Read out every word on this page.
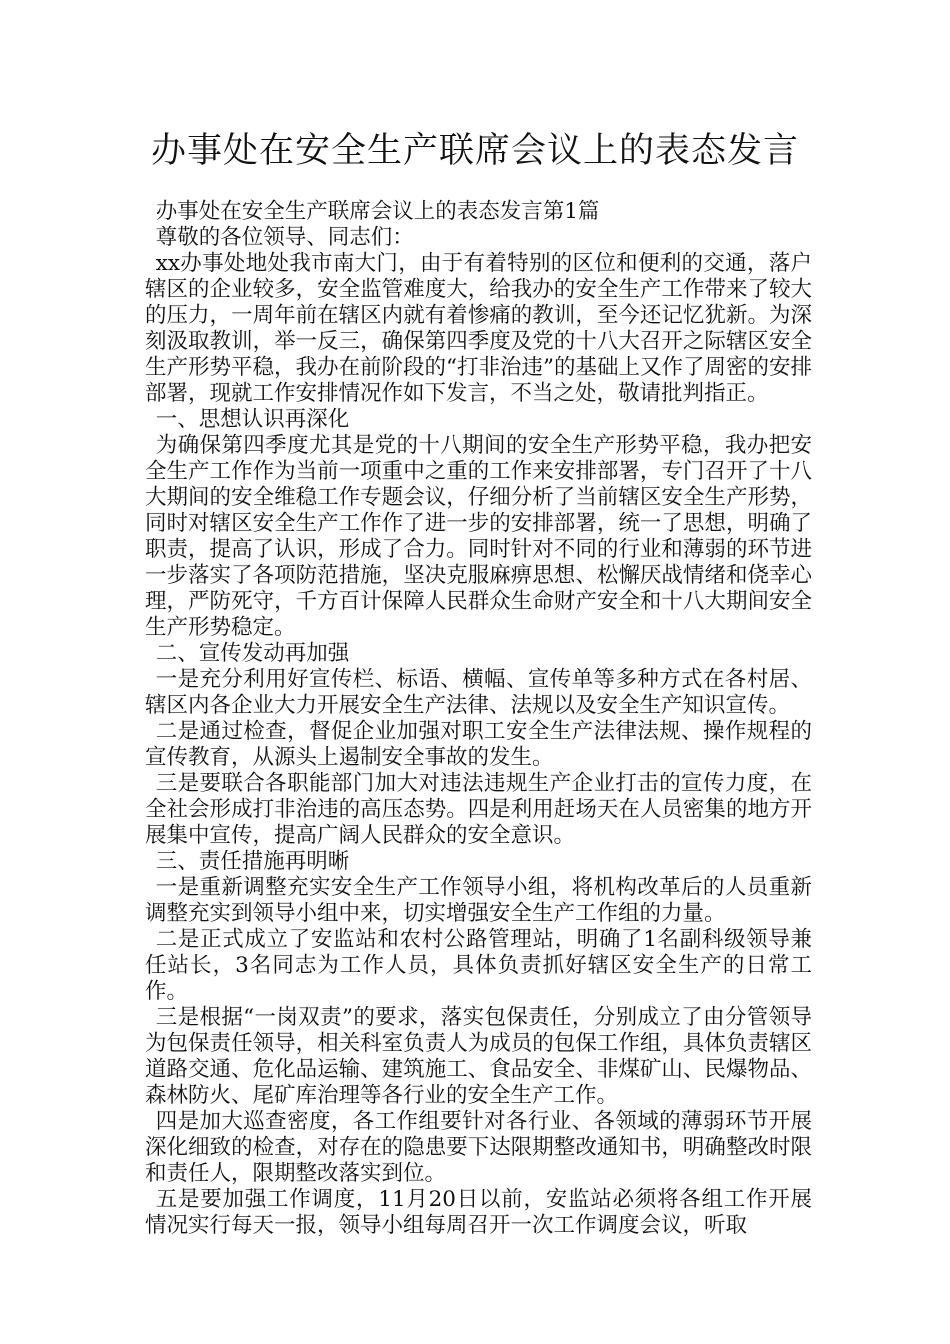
办事处在安全生产联席会议上的表态发言

办事处在安全生产联席会议上的表态发言第1篇

尊敬的各位领导、同志们：

xx办事处地处我市南大门，由于有着特别的区位和便利的交通，落户辖区的企业较多，安全监管难度大，给我办的安全生产工作带来了较大的压力，一周年前在辖区内就有着惨痛的教训，至今还记忆犹新。为深刻汲取教训，举一反三，确保第四季度及党的十八大召开之际辖区安全生产形势平稳，我办在前阶段的“打非治违”的基础上又作了周密的安排部署，现就工作安排情况作如下发言，不当之处，敬请批判指正。

一、思想认识再深化

为确保第四季度尤其是党的十八期间的安全生产形势平稳，我办把安全生产工作作为当前一项重中之重的工作来安排部署，专门召开了十八大期间的安全维稳工作专题会议，仔细分析了当前辖区安全生产形势，同时对辖区安全生产工作作了进一步的安排部署，统一了思想，明确了职责，提高了认识，形成了合力。同时针对不同的行业和薄弱的环节进一步落实了各项防范措施，坚决克服麻痹思想、松懈厌战情绪和侥幸心理，严防死守，千方百计保障人民群众生命财产安全和十八大期间安全生产形势稳定。

二、宣传发动再加强

一是充分利用好宣传栏、标语、横幅、宣传单等多种方式在各村居、辖区内各企业大力开展安全生产法律、法规以及安全生产知识宣传。

二是通过检查，督促企业加强对职工安全生产法律法规、操作规程的宣传教育，从源头上遏制安全事故的发生。

三是要联合各职能部门加大对违法违规生产企业打击的宣传力度，在全社会形成打非治违的高压态势。四是利用赶场天在人员密集的地方开展集中宣传，提高广阔人民群众的安全意识。

三、责任措施再明晰

一是重新调整充实安全生产工作领导小组，将机构改革后的人员重新调整充实到领导小组中来，切实增强安全生产工作组的力量。

二是正式成立了安监站和农村公路管理站，明确了1名副科级领导兼任站长，3名同志为工作人员，具体负责抓好辖区安全生产的日常工作。

三是根据“一岗双责”的要求，落实包保责任，分别成立了由分管领导为包保责任领导，相关科室负责人为成员的包保工作组，具体负责辖区道路交通、危化品运输、建筑施工、食品安全、非煤矿山、民爆物品、森林防火、尾矿库治理等各行业的安全生产工作。

四是加大巡查密度，各工作组要针对各行业、各领域的薄弱环节开展深化细致的检查，对存在的隐患要下达限期整改通知书，明确整改时限和责任人，限期整改落实到位。

五是要加强工作调度，11月20日以前，安监站必须将各组工作开展情况实行每天一报，领导小组每周召开一次工作调度会议，听取
